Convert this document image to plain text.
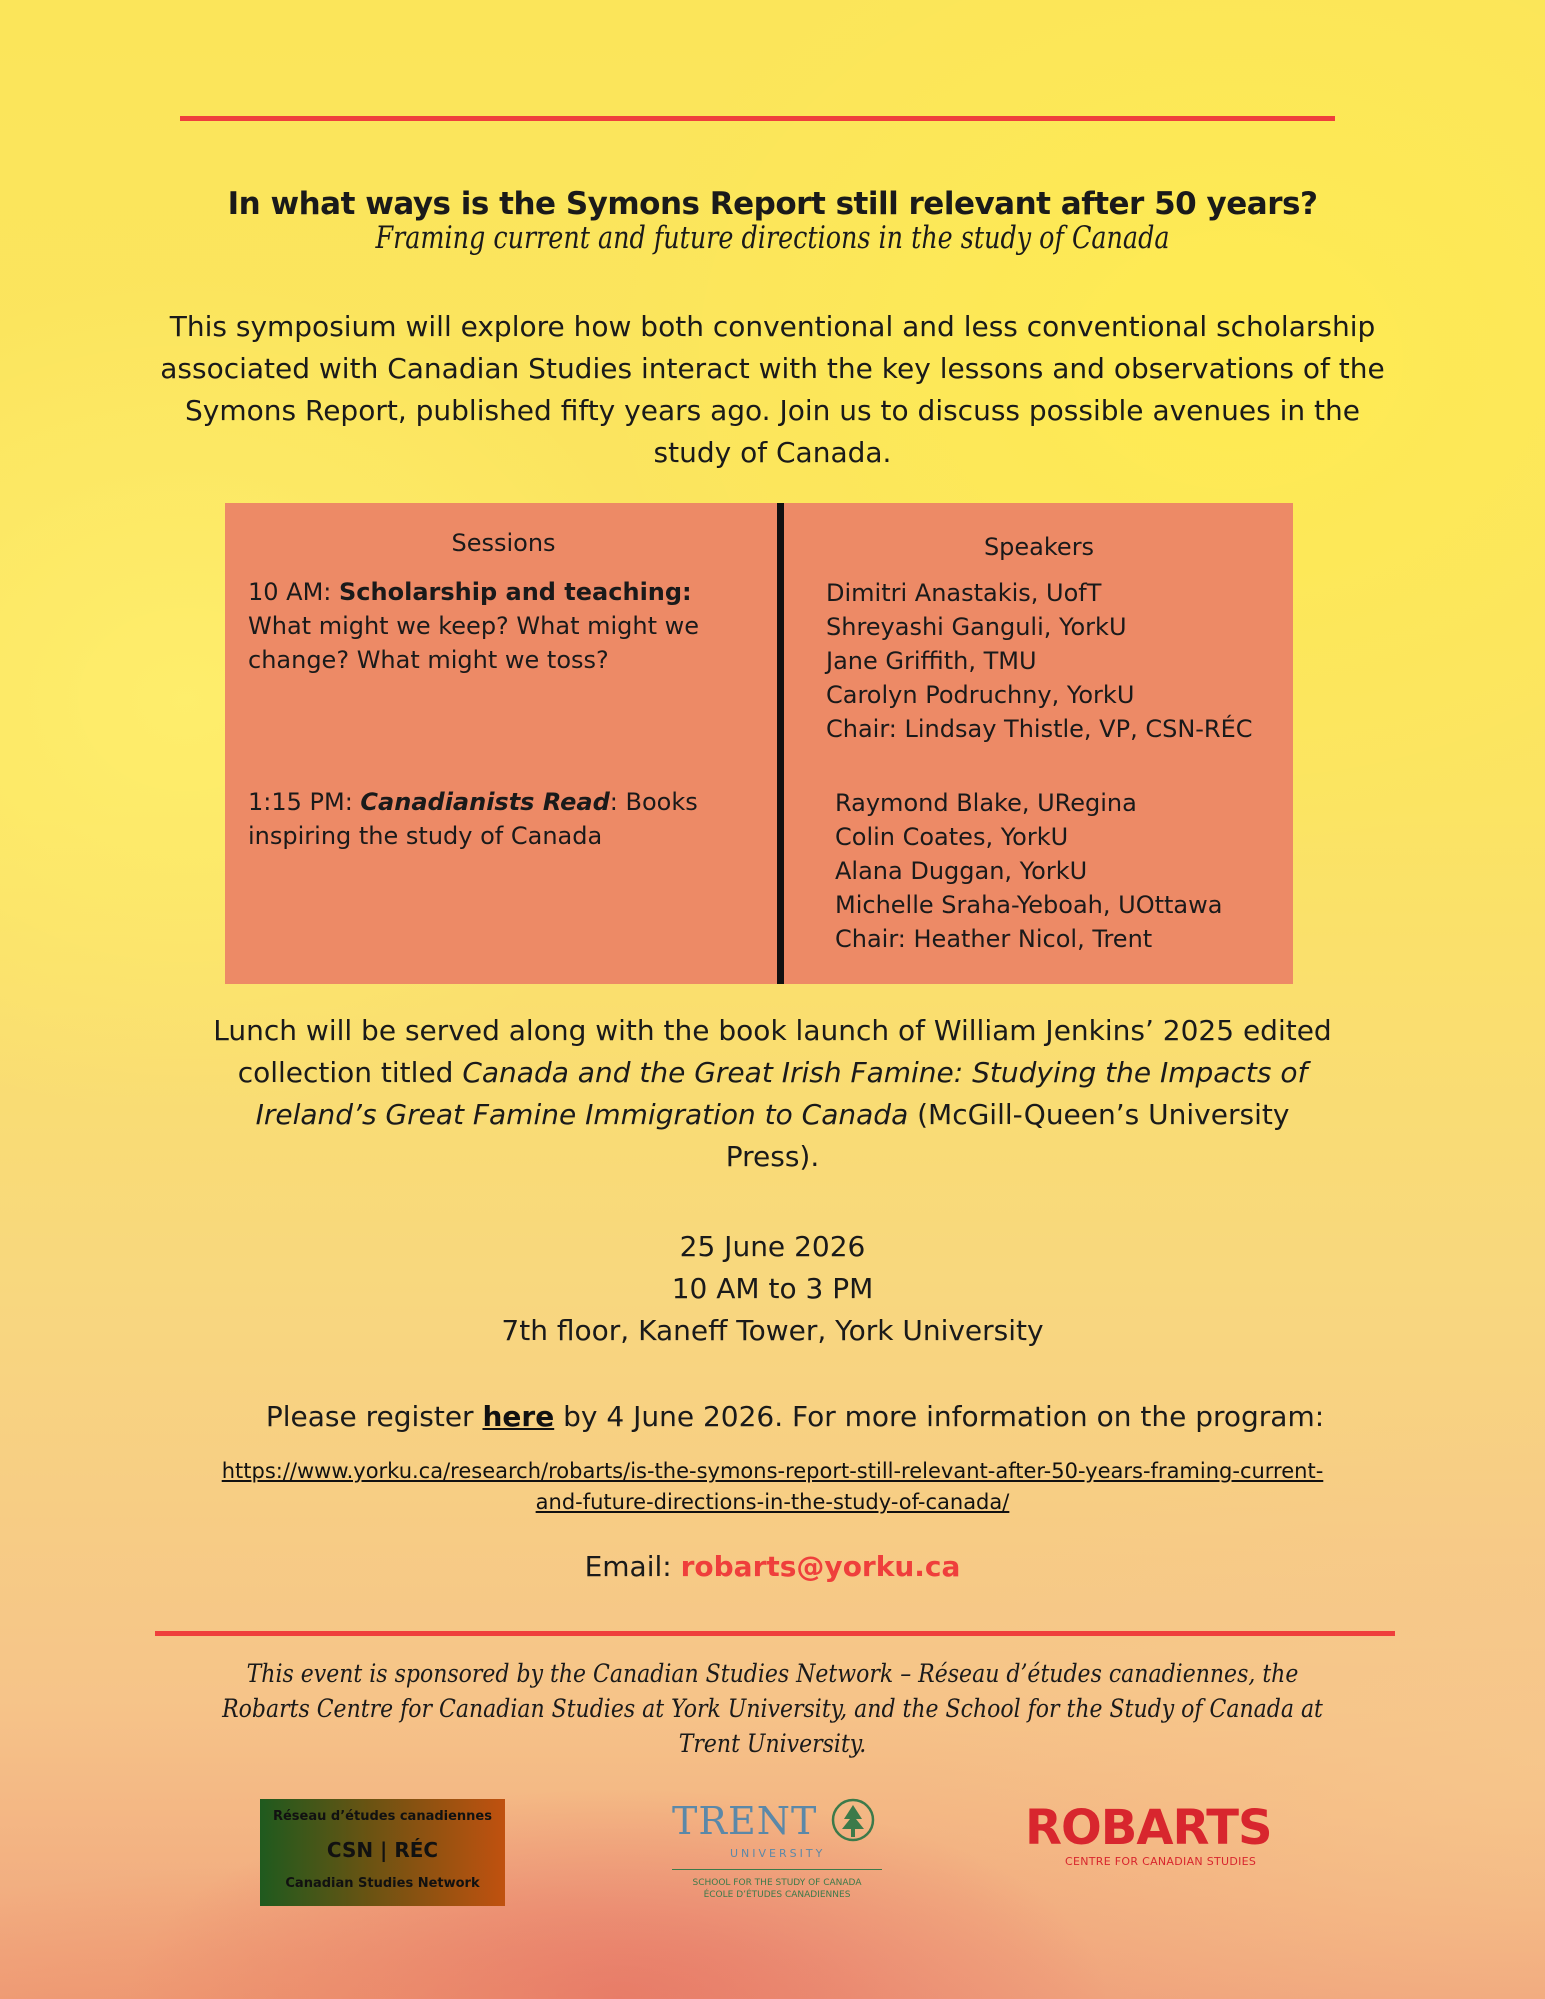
In what ways is the Symons Report still relevant after 50 years?
Framing current and future directions in the study of Canada
This symposium will explore how both conventional and less conventional scholarship associated with Canadian Studies interact with the key lessons and observations of the Symons Report, published fifty years ago. Join us to discuss possible avenues in the study of Canada.
Sessions	Speakers
10 AM: Scholarship and teaching:
What might we keep? What might we change? What might we toss?
1:15 PM: Canadianists Read: Books inspiring the study of Canada
Dimitri Anastakis, UofT
Shreyashi Ganguli, YorkU
Jane Griffith, TMU
Carolyn Podruchny, YorkU
Chair: Lindsay Thistle, VP, CSN-RÉC
Raymond Blake, URegina
Colin Coates, YorkU
Alana Duggan, YorkU
Michelle Sraha-Yeboah, UOttawa
Chair: Heather Nicol, Trent
Lunch will be served along with the book launch of William Jenkins’ 2025 edited collection titled Canada and the Great Irish Famine: Studying the Impacts of Ireland’s Great Famine Immigration to Canada (McGill-Queen’s University Press).
25 June 2026
10 AM to 3 PM
7th floor, Kaneff Tower, York University
Please register here by 4 June 2026. For more information on the program:
https://www.yorku.ca/research/robarts/is-the-symons-report-still-relevant-after-50-years-framing-current-and-future-directions-in-the-study-of-canada/
Email: robarts@yorku.ca
This event is sponsored by the Canadian Studies Network – Réseau d’études canadiennes, the Robarts Centre for Canadian Studies at York University, and the School for the Study of Canada at Trent University.
Réseau d’études canadiennes
CSN | RÉC
Canadian Studies Network
TRENT
UNIVERSITY
SCHOOL FOR THE STUDY OF CANADA
ÉCOLE D’ÉTUDES CANADIENNES
ROBARTS
CENTRE FOR CANADIAN STUDIES
